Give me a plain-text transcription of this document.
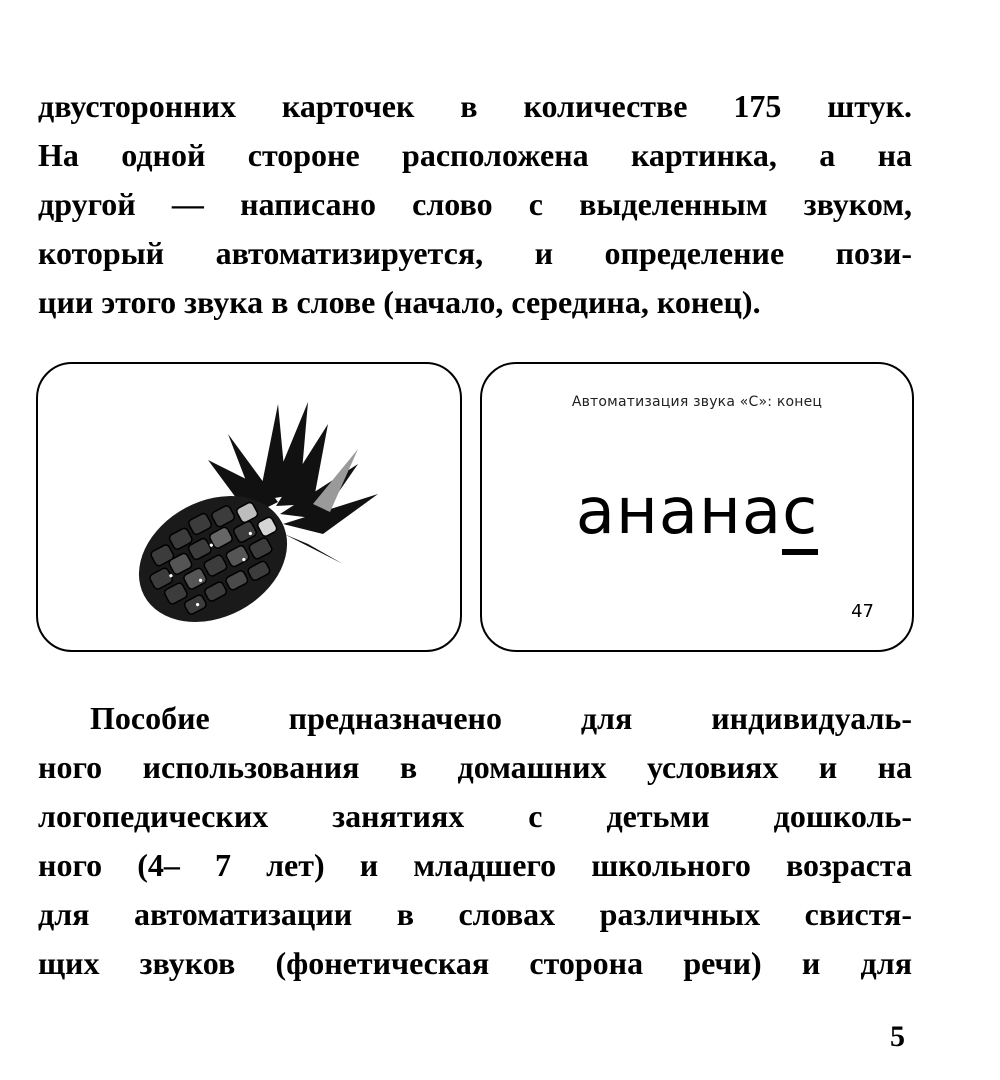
двусторонних карточек в количестве 175 штук.
На одной стороне расположена картинка, а на
другой — написано слово с выделенным звуком,
который автоматизируется, и определение пози-
ции этого звука в слове (начало, середина, конец).
Автоматизация звука «С»: конец
ананас
47
Пособие предназначено для индивидуаль-
ного использования в домашних условиях и на
логопедических занятиях с детьми дошколь-
ного (4– 7 лет) и младшего школьного возраста
для автоматизации в словах различных свистя-
щих звуков (фонетическая сторона речи) и для
5
